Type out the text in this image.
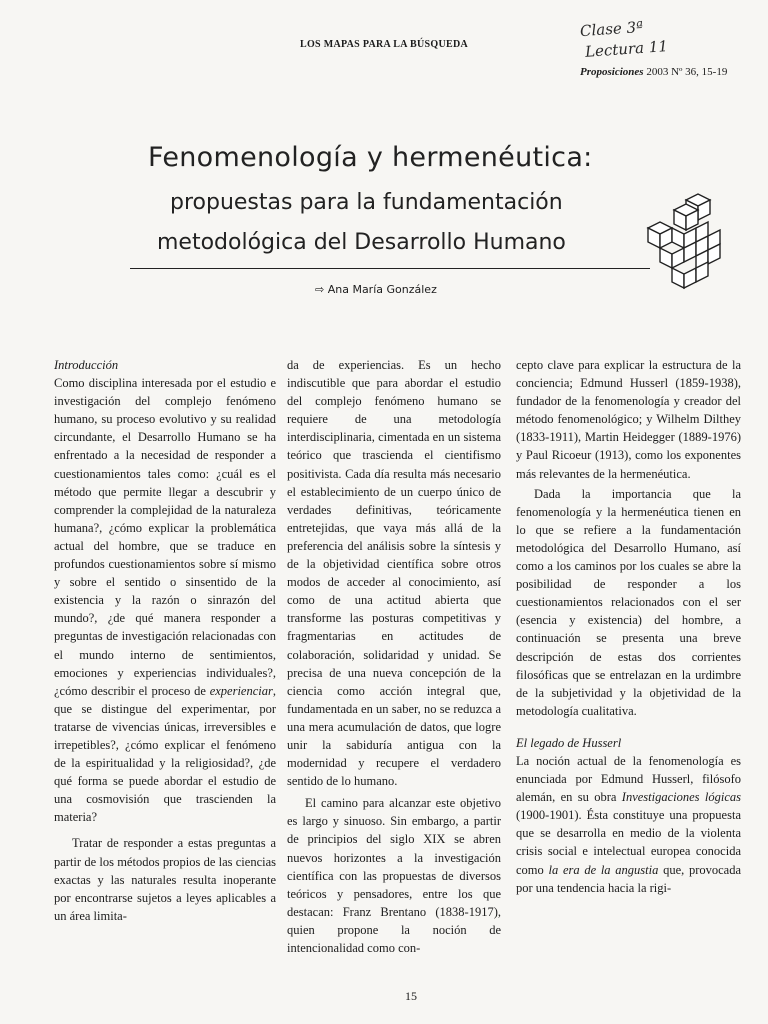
LOS MAPAS PARA LA BÚSQUEDA
Clase 3ª
Lectura 11
Proposiciones 2003 Nº 36, 15-19
Fenomenología y hermenéutica:
propuestas para la fundamentación
metodológica del Desarrollo Humano
⇨ Ana María González

Introducción

Como disciplina interesada por el estudio e investigación del complejo fenómeno humano, su proceso evolutivo y su realidad circundante, el Desarrollo Humano se ha enfrentado a la necesidad de responder a cuestionamientos tales como: ¿cuál es el método que permite llegar a descubrir y comprender la complejidad de la naturaleza humana?, ¿cómo explicar la problemática actual del hombre, que se traduce en profundos cuestionamientos sobre sí mismo y sobre el sentido o sinsentido de la existencia y la razón o sinrazón del mundo?, ¿de qué manera responder a preguntas de investigación relacionadas con el mundo interno de sentimientos, emociones y experiencias individuales?, ¿cómo describir el proceso de experienciar, que se distingue del experimentar, por tratarse de vivencias únicas, irreversibles e irrepetibles?, ¿cómo explicar el fenómeno de la espiritualidad y la religiosidad?, ¿de qué forma se puede abordar el estudio de una cosmovisión que trascienden la materia?

Tratar de responder a estas preguntas a partir de los métodos propios de las ciencias exactas y las naturales resulta inoperante por encontrarse sujetos a leyes aplicables a un área limita-

da de experiencias. Es un hecho indiscutible que para abordar el estudio del complejo fenómeno humano se requiere de una metodología interdisciplinaria, cimentada en un sistema teórico que trascienda el cientifismo positivista. Cada día resulta más necesario el establecimiento de un cuerpo único de verdades definitivas, teóricamente entretejidas, que vaya más allá de la preferencia del análisis sobre la síntesis y de la objetividad científica sobre otros modos de acceder al conocimiento, así como de una actitud abierta que transforme las posturas competitivas y fragmentarias en actitudes de colaboración, solidaridad y unidad. Se precisa de una nueva concepción de la ciencia como acción integral que, fundamentada en un saber, no se reduzca a una mera acumulación de datos, que logre unir la sabiduría antigua con la modernidad y recupere el verdadero sentido de lo humano.

El camino para alcanzar este objetivo es largo y sinuoso. Sin embargo, a partir de principios del siglo XIX se abren nuevos horizontes a la investigación científica con las propuestas de diversos teóricos y pensadores, entre los que destacan: Franz Brentano (1838-1917), quien propone la noción de intencionalidad como con-

cepto clave para explicar la estructura de la conciencia; Edmund Husserl (1859-1938), fundador de la fenomenología y creador del método fenomenológico; y Wilhelm Dilthey (1833-1911), Martin Heidegger (1889-1976) y Paul Ricoeur (1913), como los exponentes más relevantes de la hermenéutica.

Dada la importancia que la fenomenología y la hermenéutica tienen en lo que se refiere a la fundamentación metodológica del Desarrollo Humano, así como a los caminos por los cuales se abre la posibilidad de responder a los cuestionamientos relacionados con el ser (esencia y existencia) del hombre, a continuación se presenta una breve descripción de estas dos corrientes filosóficas que se entrelazan en la urdimbre de la subjetividad y la objetividad de la metodología cualitativa.

El legado de Husserl

La noción actual de la fenomenología es enunciada por Edmund Husserl, filósofo alemán, en su obra Investigaciones lógicas (1900-1901). Ésta constituye una propuesta que se desarrolla en medio de la violenta crisis social e intelectual europea conocida como la era de la angustia que, provocada por una tendencia hacia la rigi-

15
